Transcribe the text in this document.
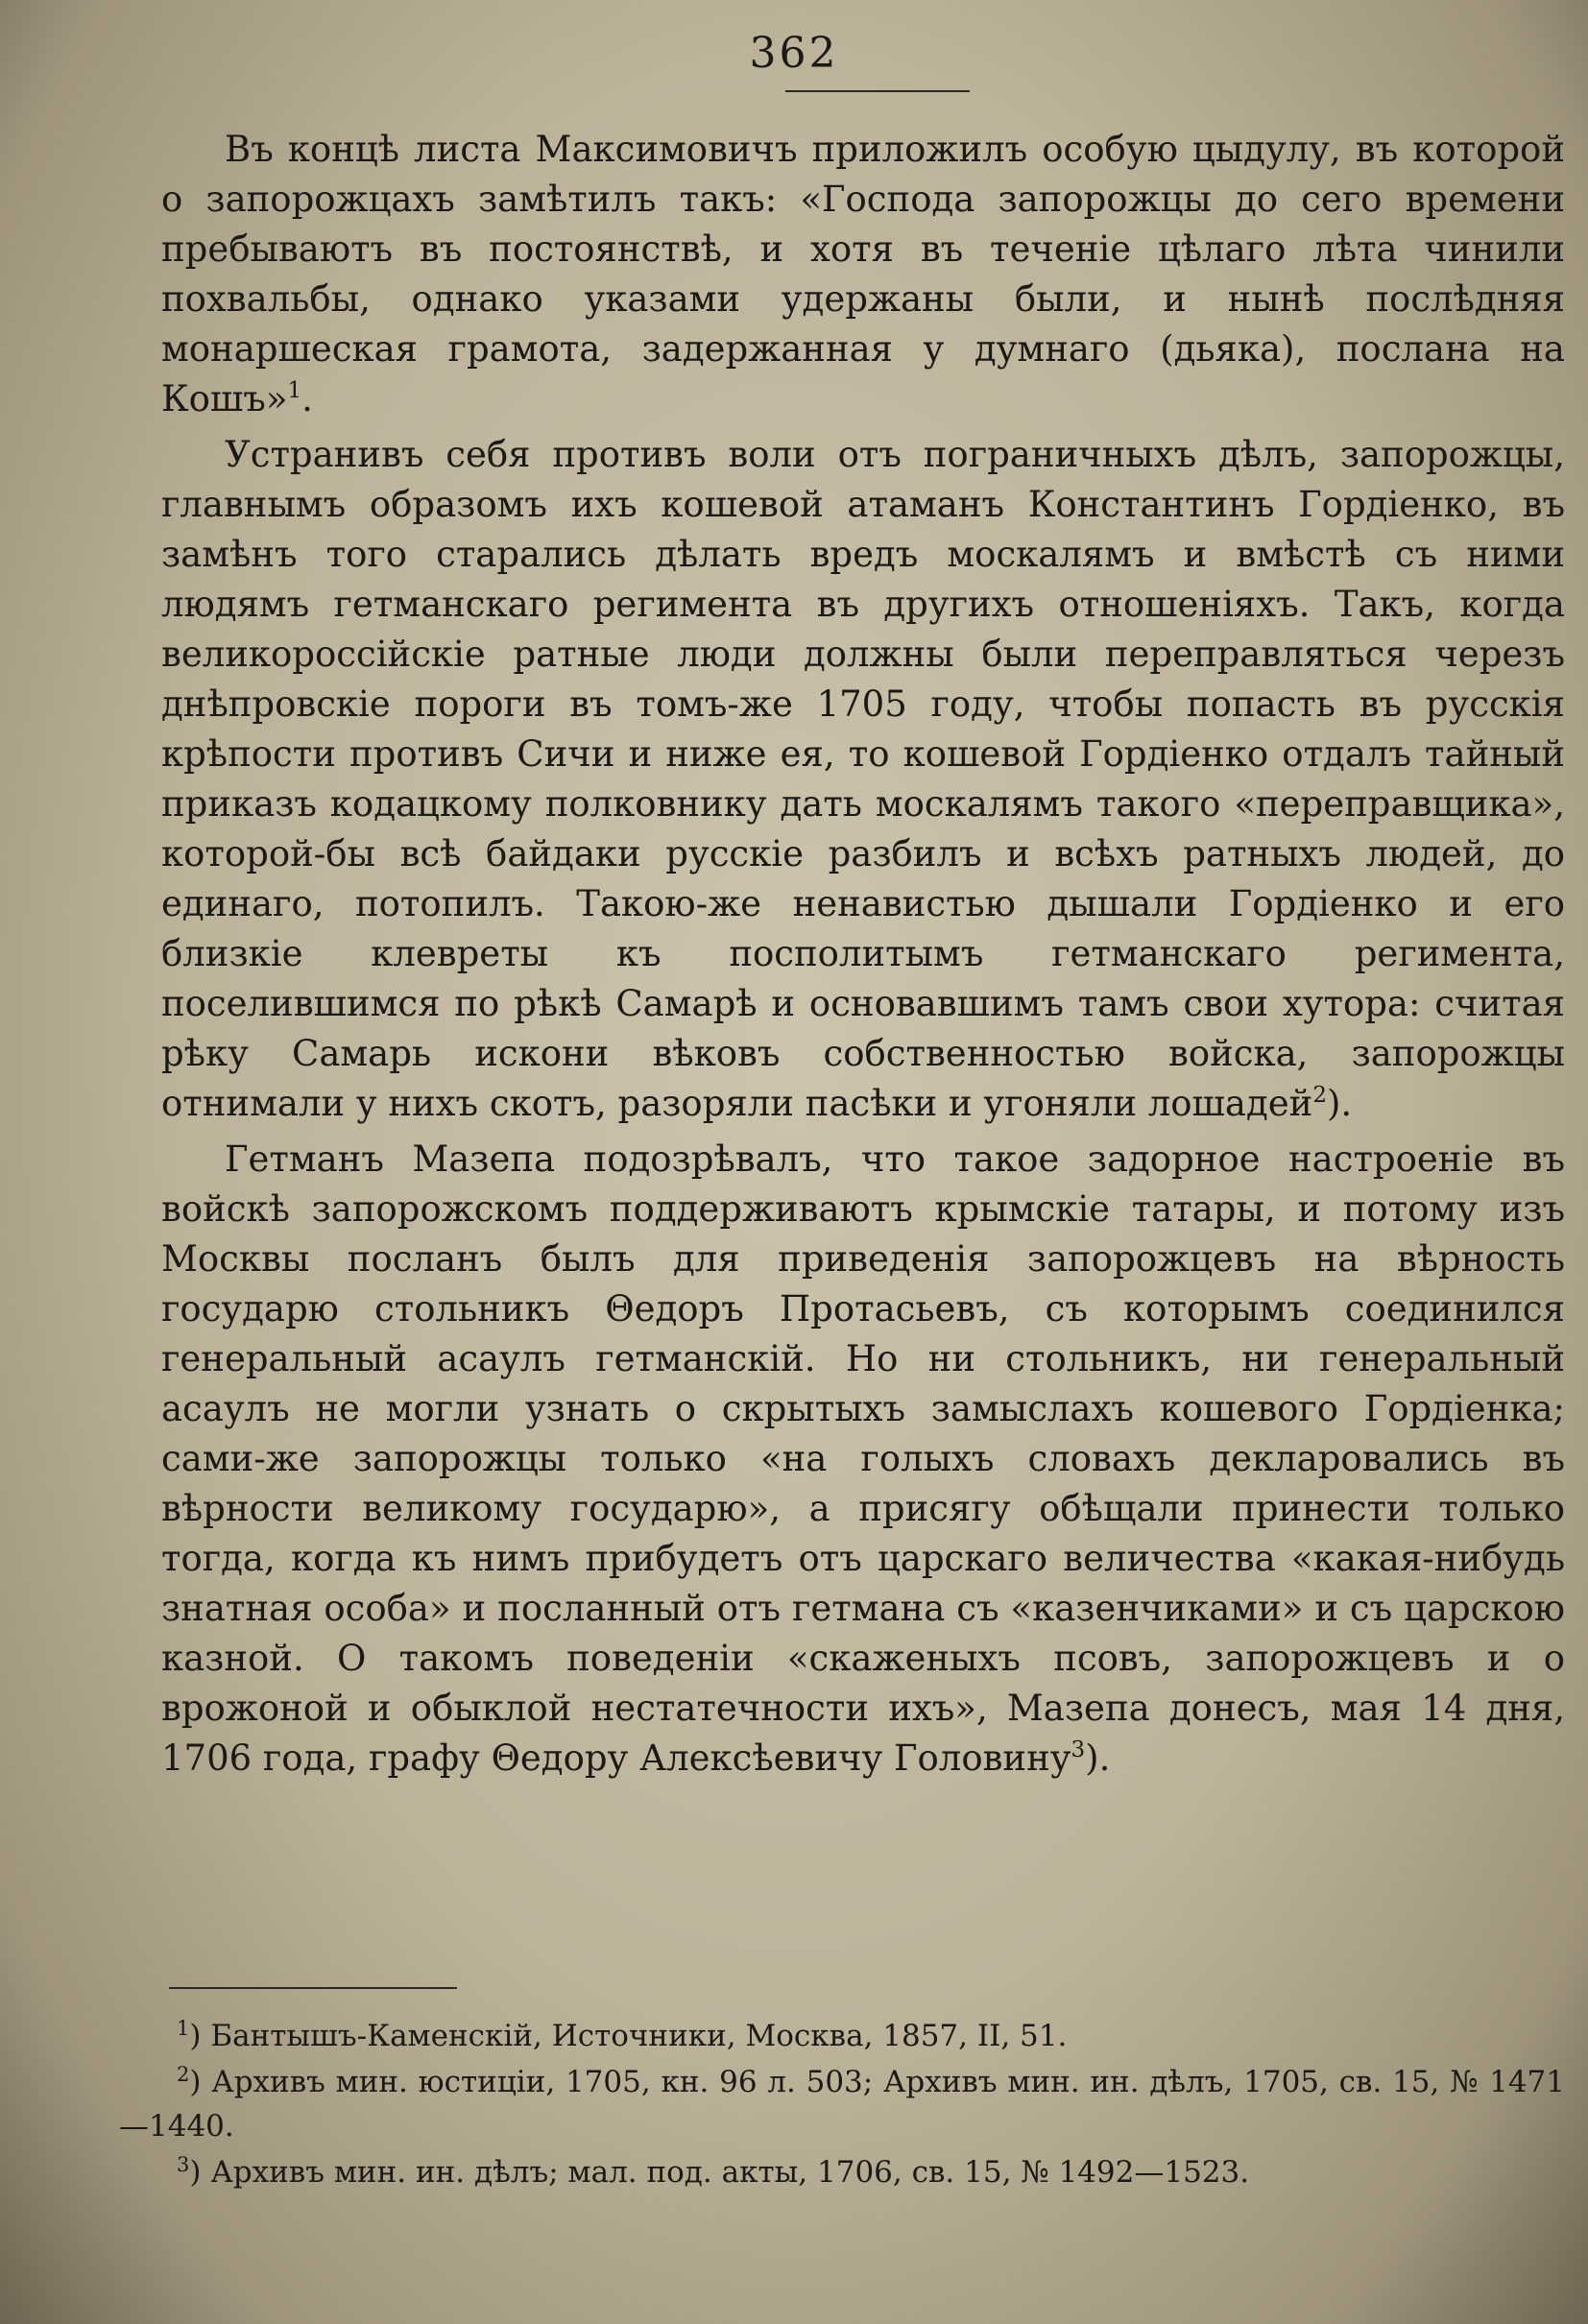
362

Въ концѣ листа Максимовичъ приложилъ особую цыдулу, въ которой о запорожцахъ замѣтилъ такъ: «Господа запорожцы до сего времени пребываютъ въ постоянствѣ, и хотя въ теченіе цѣлаго лѣта чинили похвальбы, однако указами удержаны были, и нынѣ послѣдняя монаршеская грамота, задержанная у думнаго (дьяка), послана на Кошъ»$^1$.

Устранивъ себя противъ воли отъ пограничныхъ дѣлъ, запорожцы, главнымъ образомъ ихъ кошевой атаманъ Константинъ Гордіенко, въ замѣнъ того старались дѣлать вредъ москалямъ и вмѣстѣ съ ними людямъ гетманскаго регимента въ другихъ отношеніяхъ. Такъ, когда великороссійскіе ратные люди должны были переправляться черезъ днѣпровскіе пороги въ томъ-же 1705 году, чтобы попасть въ русскія крѣпости противъ Сичи и ниже ея, то кошевой Гордіенко отдалъ тайный приказъ кодацкому полковнику дать москалямъ такого «переправщика», которой-бы всѣ байдаки русскіе разбилъ и всѣхъ ратныхъ людей, до единаго, потопилъ. Такою-же ненавистью дышали Гордіенко и его близкіе клевреты къ посполитымъ гетманскаго регимента, поселившимся по рѣкѣ Самарѣ и основавшимъ тамъ свои хутора: считая рѣку Самарь искони вѣковъ собственностью войска, запорожцы отнимали у нихъ скотъ, разоряли пасѣки и угоняли лошадей$^2$).

Гетманъ Мазепа подозрѣвалъ, что такое задорное настроеніе въ войскѣ запорожскомъ поддерживаютъ крымскіе татары, и потому изъ Москвы посланъ былъ для приведенія запорожцевъ на вѣрность государю стольникъ Θедоръ Протасьевъ, съ которымъ соединился генеральный асаулъ гетманскій. Но ни стольникъ, ни генеральный асаулъ не могли узнать о скрытыхъ замыслахъ кошевого Гордіенка; сами-же запорожцы только «на голыхъ словахъ декларовались въ вѣрности великому государю», а присягу обѣщали принести только тогда, когда къ нимъ прибудетъ отъ царскаго величества «какая-нибудь знатная особа» и посланный отъ гетмана съ «казенчиками» и съ царскою казной. О такомъ поведеніи «скаженыхъ псовъ, запорожцевъ и о врожоной и обыклой нестатечности ихъ», Мазепа донесъ, мая 14 дня, 1706 года, графу Θедору Алексѣевичу Головину$^3$).

$^1$) Бантышъ-Каменскій, Источники, Москва, 1857, II, 51.

$^2$) Архивъ мин. юстиціи, 1705, кн. 96 л. 503; Архивъ мин. ин. дѣлъ, 1705, св. 15, № 1471—1440.

$^3$) Архивъ мин. ин. дѣлъ; мал. под. акты, 1706, св. 15, № 1492—1523.
